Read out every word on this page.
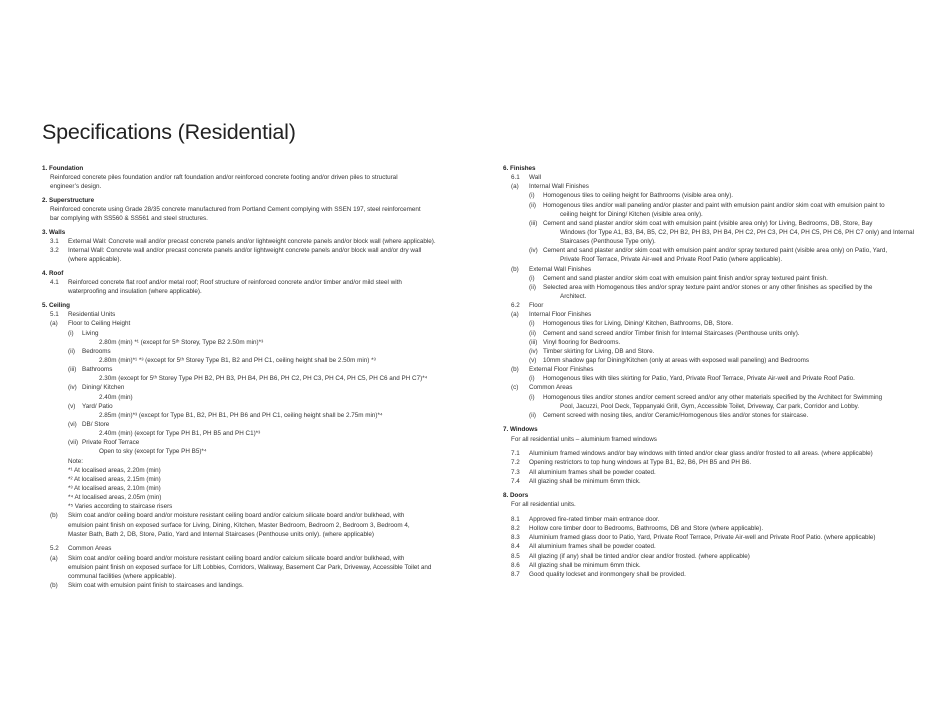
Specifications (Residential)
1. Foundation
Reinforced concrete piles foundation and/or raft foundation and/or reinforced concrete footing and/or driven piles to structural
engineer’s design.
2. Superstructure
Reinforced concrete using Grade 28/35 concrete manufactured from Portland Cement complying with SSEN 197, steel reinforcement
bar complying with SS560 & SS561 and steel structures.
3. Walls
3.1 External Wall: Concrete wall and/or precast concrete panels and/or lightweight concrete panels and/or block wall (where applicable).
3.2 Internal Wall: Concrete wall and/or precast concrete panels and/or lightweight concrete panels and/or block wall and/or dry wall
(where applicable).
4. Roof
4.1 Reinforced concrete flat roof and/or metal roof; Roof structure of reinforced concrete and/or timber and/or mild steel with
waterproofing and insulation (where applicable).
5. Ceiling
5.1 Residential Units
(a) Floor to Ceiling Height
(i) Living
2.80m (min) *¹ (except for 5ᵗʰ Storey, Type B2 2.50m min)*³
(ii) Bedrooms
2.80m (min)*¹ *³ (except for 5ᵗʰ Storey Type B1, B2 and PH C1, ceiling height shall be 2.50m min) *³
(iii) Bathrooms
2.30m (except for 5ᵗʰ Storey Type PH B2, PH B3, PH B4, PH B6, PH C2, PH C3, PH C4, PH C5, PH C6 and PH C7)*⁴
(iv) Dining/ Kitchen
2.40m (min)
(v) Yard/ Patio
2.85m (min)*³ (except for Type B1, B2, PH B1, PH B6 and PH C1, ceiling height shall be 2.75m min)*⁴
(vi) DB/ Store
2.40m (min) (except for Type PH B1, PH B5 and PH C1)*³
(vii) Private Roof Terrace
Open to sky (except for Type PH B5)*⁴
Note:
*¹ At localised areas, 2.20m (min)
*² At localised areas, 2.15m (min)
*³ At localised areas, 2.10m (min)
*⁴ At localised areas, 2.05m (min)
*⁵ Varies according to staircase risers
(b) Skim coat and/or ceiling board and/or moisture resistant ceiling board and/or calcium silicate board and/or bulkhead, with
emulsion paint finish on exposed surface for Living, Dining, Kitchen, Master Bedroom, Bedroom 2, Bedroom 3, Bedroom 4,
Master Bath, Bath 2, DB, Store, Patio, Yard and Internal Staircases (Penthouse units only). (where applicable)
5.2 Common Areas
(a) Skim coat and/or ceiling board and/or moisture resistant ceiling board and/or calcium silicate board and/or bulkhead, with
emulsion paint finish on exposed surface for Lift Lobbies, Corridors, Walkway, Basement Car Park, Driveway, Accessible Toilet and
communal facilities (where applicable).
(b) Skim coat with emulsion paint finish to staircases and landings.
6. Finishes
6.1 Wall
(a) Internal Wall Finishes
(i) Homogenous tiles to ceiling height for Bathrooms (visible area only).
(ii) Homogenous tiles and/or wall paneling and/or plaster and paint with emulsion paint and/or skim coat with emulsion paint to
ceiling height for Dining/ Kitchen (visible area only).
(iii) Cement and sand plaster and/or skim coat with emulsion paint (visible area only) for Living, Bedrooms, DB, Store, Bay
Windows (for Type A1, B3, B4, B5, C2, PH B2, PH B3, PH B4, PH C2, PH C3, PH C4, PH C5, PH C6, PH C7 only) and Internal
Staircases (Penthouse Type only).
(iv) Cement and sand plaster and/or skim coat with emulsion paint and/or spray textured paint (visible area only) on Patio, Yard,
Private Roof Terrace, Private Air-well and Private Roof Patio (where applicable).
(b) External Wall Finishes
(i) Cement and sand plaster and/or skim coat with emulsion paint finish and/or spray textured paint finish.
(ii) Selected area with Homogenous tiles and/or spray texture paint and/or stones or any other finishes as specified by the
Architect.
6.2 Floor
(a) Internal Floor Finishes
(i) Homogenous tiles for Living, Dining/ Kitchen, Bathrooms, DB, Store.
(ii) Cement and sand screed and/or Timber finish for Internal Staircases (Penthouse units only).
(iii) Vinyl flooring for Bedrooms.
(iv) Timber skirting for Living, DB and Store.
(v) 10mm shadow gap for Dining/Kitchen (only at areas with exposed wall paneling) and Bedrooms
(b) External Floor Finishes
(i) Homogenous tiles with tiles skirting for Patio, Yard, Private Roof Terrace, Private Air-well and Private Roof Patio.
(c) Common Areas
(i) Homogenous tiles and/or stones and/or cement screed and/or any other materials specified by the Architect for Swimming
Pool, Jacuzzi, Pool Deck, Teppanyaki Grill, Gym, Accessible Toilet, Driveway, Car park, Corridor and Lobby.
(ii) Cement screed with nosing tiles, and/or Ceramic/Homogenous tiles and/or stones for staircase.
7. Windows
For all residential units – aluminium framed windows
7.1 Aluminium framed windows and/or bay windows with tinted and/or clear glass and/or frosted to all areas. (where applicable)
7.2 Opening restrictors to top hung windows at Type B1, B2, B6, PH B5 and PH B6.
7.3 All aluminium frames shall be powder coated.
7.4 All glazing shall be minimum 6mm thick.
8. Doors
For all residential units.
8.1 Approved fire-rated timber main entrance door.
8.2 Hollow core timber door to Bedrooms, Bathrooms, DB and Store (where applicable).
8.3 Aluminium framed glass door to Patio, Yard, Private Roof Terrace, Private Air-well and Private Roof Patio. (where applicable)
8.4 All aluminium frames shall be powder coated.
8.5 All glazing (if any) shall be tinted and/or clear and/or frosted. (where applicable)
8.6 All glazing shall be minimum 6mm thick.
8.7 Good quality lockset and ironmongery shall be provided.
